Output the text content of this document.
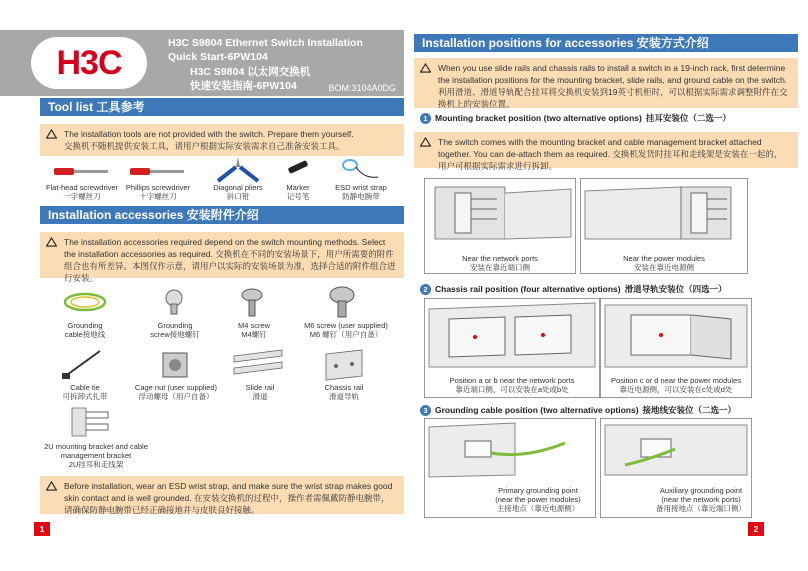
H3C
H3C S9804 Ethernet Switch Installation
Quick Start-6PW104
H3C S9804 以太网交换机
快速安装指南-6PW104	BOM:3104A0DG
Tool list 工具参考
The installation tools are not provided with the switch. Prepare them yourself.
交换机不随机提供安装工具，请用户根据实际安装需求自己准备安装工具。
Flat-head screwdriver
一字螺丝刀
Phillips screwdriver
十字螺丝刀
Diagonal pliers
斜口钳
Marker
记号笔
ESD wrist strap
防静电腕带
Installation accessories 安装附件介绍
The installation accessories required depend on the switch mounting methods. Select the installation accessories as required. 交换机在不同的安装场景下，用户所需要的附件组合也有所差异。本图仅作示意，请用户以实际的安装场景为准，选择合适的附件组合进行安装。
Grounding
cable接地线
Grounding
screw接地螺钉
M4 screw
M4螺钉
M6 screw (user supplied)
M6 螺钉（用户自备）
Cable tie
可拆卸式扎带
Cage nut (user supplied)
浮动螺母（用户自备）
Slide rail
滑道
Chassis rail
滑道导轨
2U mounting bracket and cable management bracket
2U挂耳和走线架
Before installation, wear an ESD wrist strap, and make sure the wrist strap makes good skin contact and is well grounded. 在安装交换机的过程中，操作者需佩戴防静电腕带，请确保防静电腕带已经正确接地并与皮肤良好接触。
1
Installation positions for accessories 安装方式介绍
When you use slide rails and chassis rails to install a switch in a 19-inch rack, first determine the installation positions for the mounting bracket, slide rails, and ground cable on the switch. 利用滑道、滑道导轨配合挂耳将交换机安装到19英寸机柜时，可以根据实际需求调整附件在交换机上的安装位置。
1 Mounting bracket position (two alternative options) 挂耳安装位（二选一）
The switch comes with the mounting bracket and cable management bracket attached together. You can de-attach them as required. 交换机发货时挂耳和走线架是安装在一起的，用户可根据实际需求进行拆卸。
Near the network ports
安装在靠近端口侧
Near the power modules
安装在靠近电源侧
2 Chassis rail position (four alternative options) 滑道导轨安装位（四选一）
Position a or b near the network ports
靠近端口侧，可以安装在a处或b处
Position c or d near the power modules
靠近电源侧，可以安装在c处或d处
3 Grounding cable position (two alternative options) 接地线安装位（二选一）
Primary grounding point
(near the power modules)
主接地点（靠近电源侧）
Auxiliary grounding point
(near the network ports)
备用接地点（靠近端口侧）
2
